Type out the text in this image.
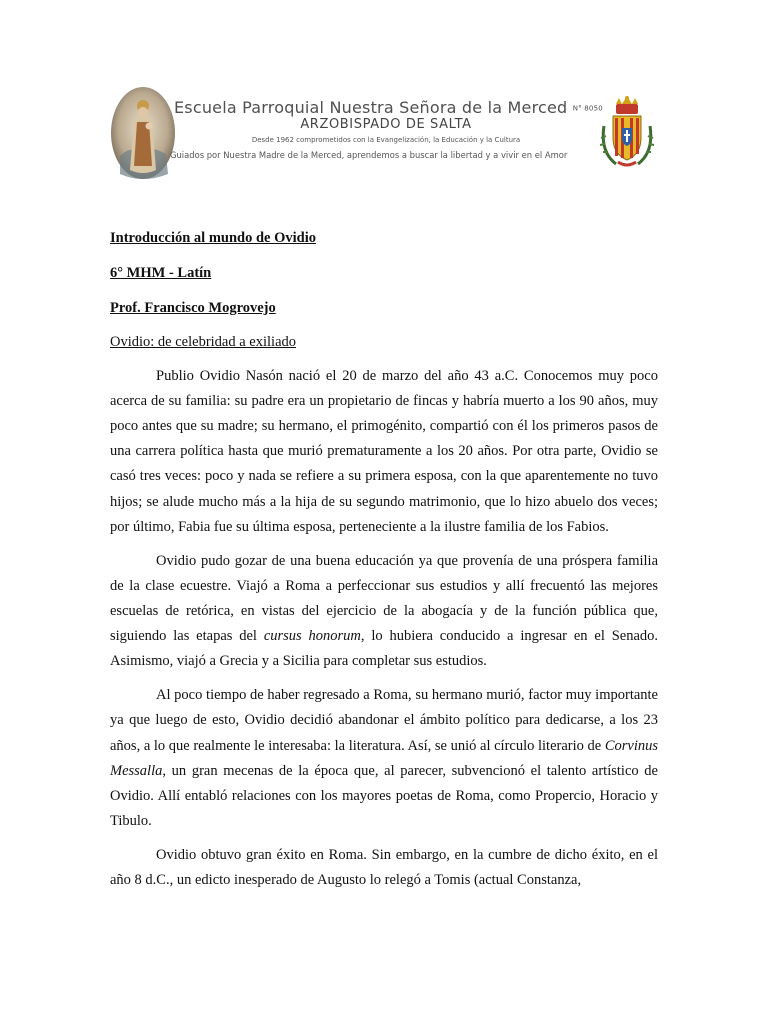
Escuela Parroquial Nuestra Señora de la Merced N° 8050
ARZOBISPADO DE SALTA
Desde 1962 comprometidos con la Evangelización, la Educación y la Cultura
Guiados por Nuestra Madre de la Merced, aprendemos a buscar la libertad y a vivir en el Amor

Introducción al mundo de Ovidio

6° MHM - Latín

Prof. Francisco Mogrovejo

Ovidio: de celebridad a exiliado

Publio Ovidio Nasón nació el 20 de marzo del año 43 a.C. Conocemos muy poco acerca de su familia: su padre era un propietario de fincas y habría muerto a los 90 años, muy poco antes que su madre; su hermano, el primogénito, compartió con él los primeros pasos de una carrera política hasta que murió prematuramente a los 20 años. Por otra parte, Ovidio se casó tres veces: poco y nada se refiere a su primera esposa, con la que aparentemente no tuvo hijos; se alude mucho más a la hija de su segundo matrimonio, que lo hizo abuelo dos veces; por último, Fabia fue su última esposa, perteneciente a la ilustre familia de los Fabios.

Ovidio pudo gozar de una buena educación ya que provenía de una próspera familia de la clase ecuestre. Viajó a Roma a perfeccionar sus estudios y allí frecuentó las mejores escuelas de retórica, en vistas del ejercicio de la abogacía y de la función pública que, siguiendo las etapas del cursus honorum, lo hubiera conducido a ingresar en el Senado. Asimismo, viajó a Grecia y a Sicilia para completar sus estudios.

Al poco tiempo de haber regresado a Roma, su hermano murió, factor muy importante ya que luego de esto, Ovidio decidió abandonar el ámbito político para dedicarse, a los 23 años, a lo que realmente le interesaba: la literatura. Así, se unió al círculo literario de Corvinus Messalla, un gran mecenas de la época que, al parecer, subvencionó el talento artístico de Ovidio. Allí entabló relaciones con los mayores poetas de Roma, como Propercio, Horacio y Tibulo.

Ovidio obtuvo gran éxito en Roma. Sin embargo, en la cumbre de dicho éxito, en el año 8 d.C., un edicto inesperado de Augusto lo relegó a Tomis (actual Constanza,
